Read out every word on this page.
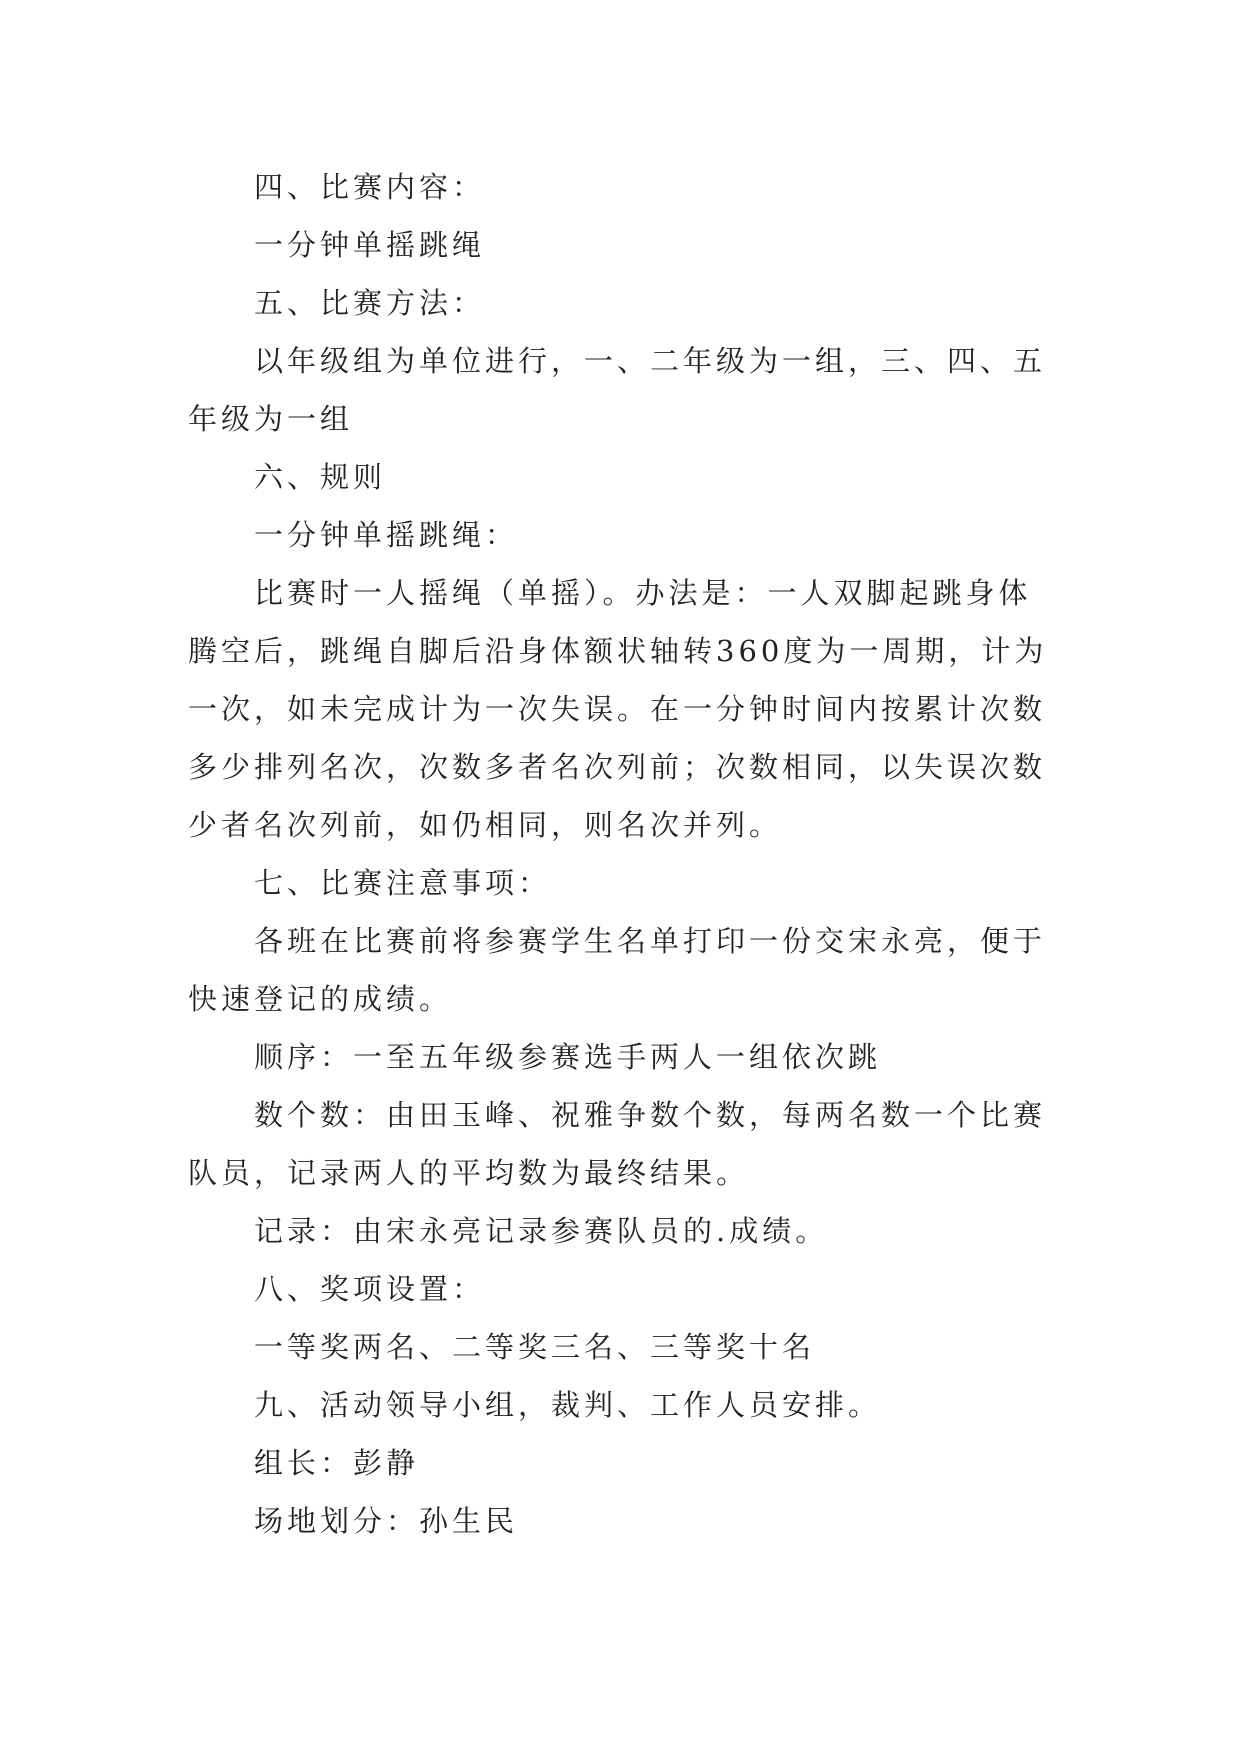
四、比赛内容：

一分钟单摇跳绳

五、比赛方法：

以年级组为单位进行，一、二年级为一组，三、四、五年级为一组

六、规则

一分钟单摇跳绳：

比赛时一人摇绳（单摇）。办法是：一人双脚起跳身体腾空后，跳绳自脚后沿身体额状轴转360度为一周期，计为一次，如未完成计为一次失误。在一分钟时间内按累计次数多少排列名次，次数多者名次列前；次数相同，以失误次数少者名次列前，如仍相同，则名次并列。

七、比赛注意事项：

各班在比赛前将参赛学生名单打印一份交宋永亮，便于快速登记的成绩。

顺序：一至五年级参赛选手两人一组依次跳

数个数：由田玉峰、祝雅争数个数，每两名数一个比赛队员，记录两人的平均数为最终结果。

记录：由宋永亮记录参赛队员的.成绩。

八、奖项设置：

一等奖两名、二等奖三名、三等奖十名

九、活动领导小组，裁判、工作人员安排。

组长：彭静

场地划分：孙生民
